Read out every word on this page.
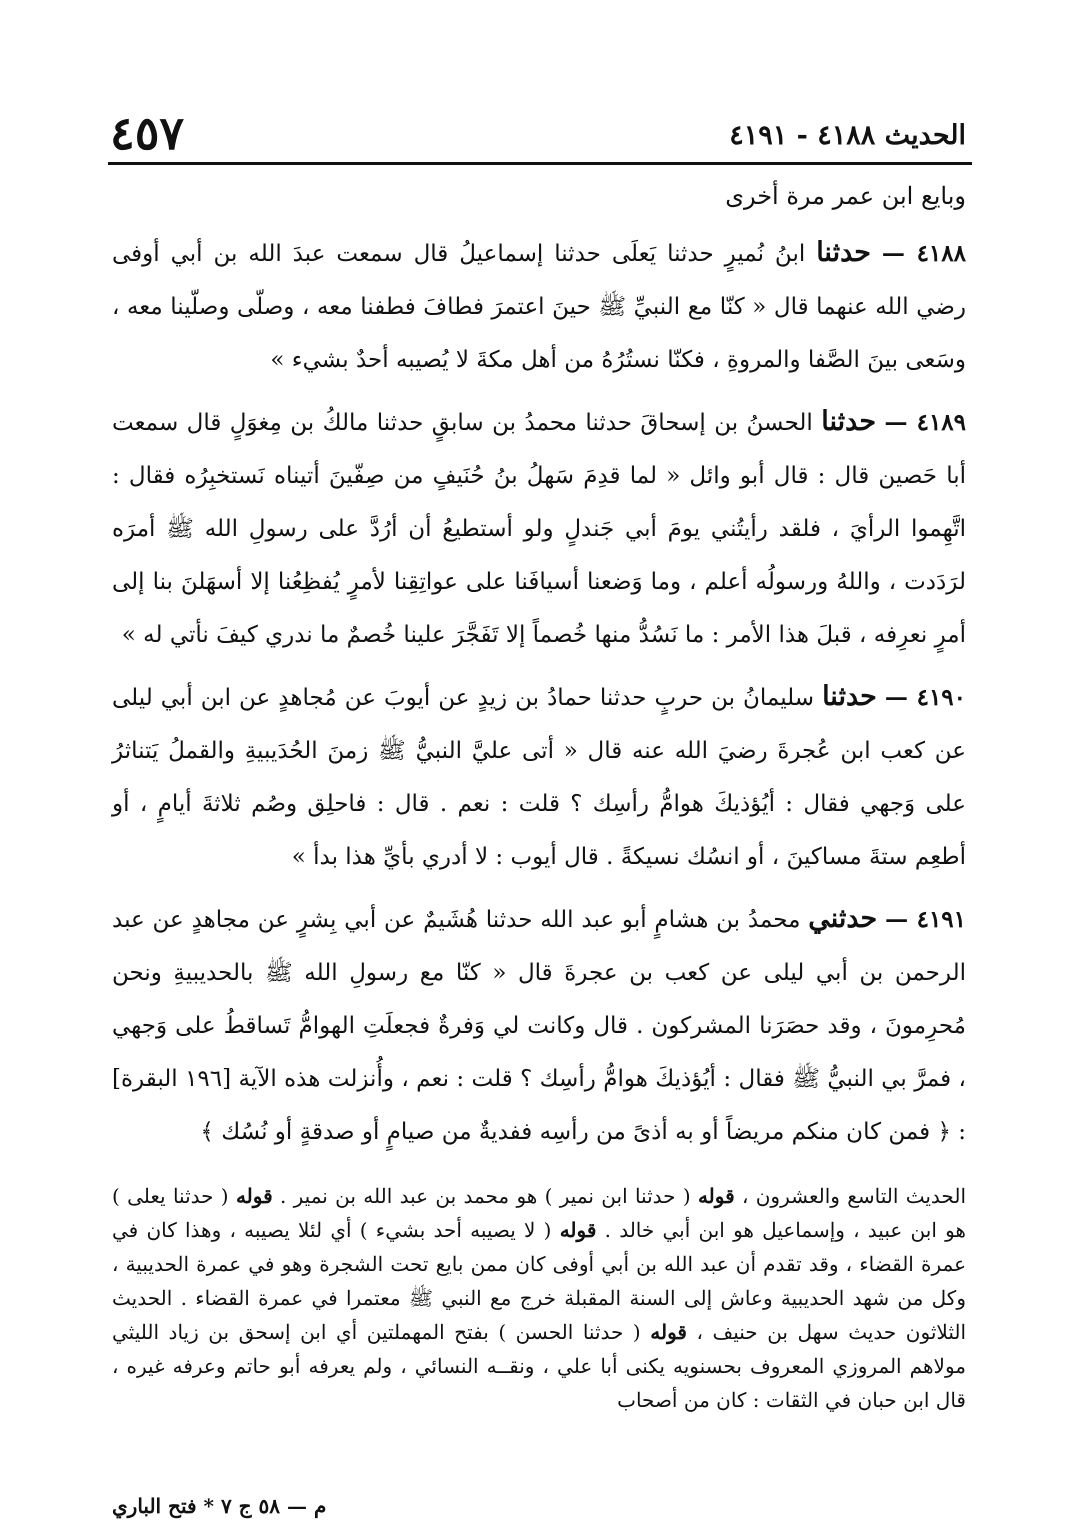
الحديث ٤١٨٨ - ٤١٩١
٤٥٧

وبايع ابن عمر مرة أخرى

٤١٨٨ — حدثنا ابنُ نُميرٍ حدثنا يَعلَى حدثنا إسماعيلُ قال سمعت عبدَ الله بن أبي أوفى رضي الله عنهما قال « كنّا مع النبيِّ ﷺ حينَ اعتمرَ فطافَ فطفنا معه ، وصلّى وصلّينا معه ، وسَعى بينَ الصَّفا والمروةِ ، فكنّا نستُرُهُ من أهل مكةَ لا يُصيبه أحدٌ بشيء »

٤١٨٩ — حدثنا الحسنُ بن إسحاقَ حدثنا محمدُ بن سابقٍ حدثنا مالكُ بن مِغوَلٍ قال سمعت أبا حَصين قال : قال أبو وائل « لما قدِمَ سَهلُ بنُ حُنَيفٍ من صِفّينَ أتيناه نَستخبِرُه فقال : اتَّهِموا الرأيَ ، فلقد رأيتُني يومَ أبي جَندلٍ ولو أستطيعُ أن أرُدَّ على رسولِ الله ﷺ أمرَه لرَدَدت ، واللهُ ورسولُه أعلم ، وما وَضعنا أسيافَنا على عواتِقِنا لأمرٍ يُفظِعُنا إلا أسهَلنَ بنا إلى أمرٍ نعرِفه ، قبلَ هذا الأمر : ما نَسُدُّ منها خُصماً إلا تَفَجَّرَ علينا خُصمٌ ما ندري كيفَ نأتي له »

٤١٩٠ — حدثنا سليمانُ بن حربٍ حدثنا حمادُ بن زيدٍ عن أيوبَ عن مُجاهدٍ عن ابن أبي ليلى عن كعب ابن عُجرةَ رضيَ الله عنه قال « أتى عليَّ النبيُّ ﷺ زمنَ الحُدَيبيةِ والقملُ يَتناثرُ على وَجهي فقال : أيُؤذيكَ هوامُّ رأسِك ؟ قلت : نعم . قال : فاحلِق وصُم ثلاثةَ أيامٍ ، أو أطعِم ستةَ مساكينَ ، أو انسُك نسيكةً . قال أيوب : لا أدري بأيِّ هذا بدأ »

٤١٩١ — حدثني محمدُ بن هشامٍ أبو عبد الله حدثنا هُشَيمٌ عن أبي بِشرٍ عن مجاهدٍ عن عبد الرحمن بن أبي ليلى عن كعب بن عجرةَ قال « كنّا مع رسولِ الله ﷺ بالحديبيةِ ونحن مُحرِمونَ ، وقد حصَرَنا المشركون . قال وكانت لي وَفرةٌ فجعلَتِ الهوامُّ تَساقطُ على وَجهي ، فمرَّ بي النبيُّ ﷺ فقال : أيُؤذيكَ هوامُّ رأسِك ؟ قلت : نعم ، وأُنزلت هذه الآية [١٩٦ البقرة] : ﴿ فمن كان منكم مريضاً أو به أذىً من رأسِه ففديةٌ من صيامٍ أو صدقةٍ أو نُسُك ﴾

الحديث التاسع والعشرون ، قوله ( حدثنا ابن نمير ) هو محمد بن عبد الله بن نمير . قوله ( حدثنا يعلى ) هو ابن عبيد ، وإسماعيل هو ابن أبي خالد . قوله ( لا يصيبه أحد بشيء ) أي لئلا يصيبه ، وهذا كان في عمرة القضاء ، وقد تقدم أن عبد الله بن أبي أوفى كان ممن بايع تحت الشجرة وهو في عمرة الحديبية ، وكل من شهد الحديبية وعاش إلى السنة المقبلة خرج مع النبي ﷺ معتمرا في عمرة القضاء . الحديث الثلاثون حديث سهل بن حنيف ، قوله ( حدثنا الحسن ) بفتح المهملتين أي ابن إسحق بن زياد الليثي مولاهم المروزي المعروف بحسنويه يكنى أبا علي ، ونقــه النسائي ، ولم يعرفه أبو حاتم وعرفه غيره ، قال ابن حبان في الثقات : كان من أصحاب
م — ٥٨ ج ٧ * فتح الباري
